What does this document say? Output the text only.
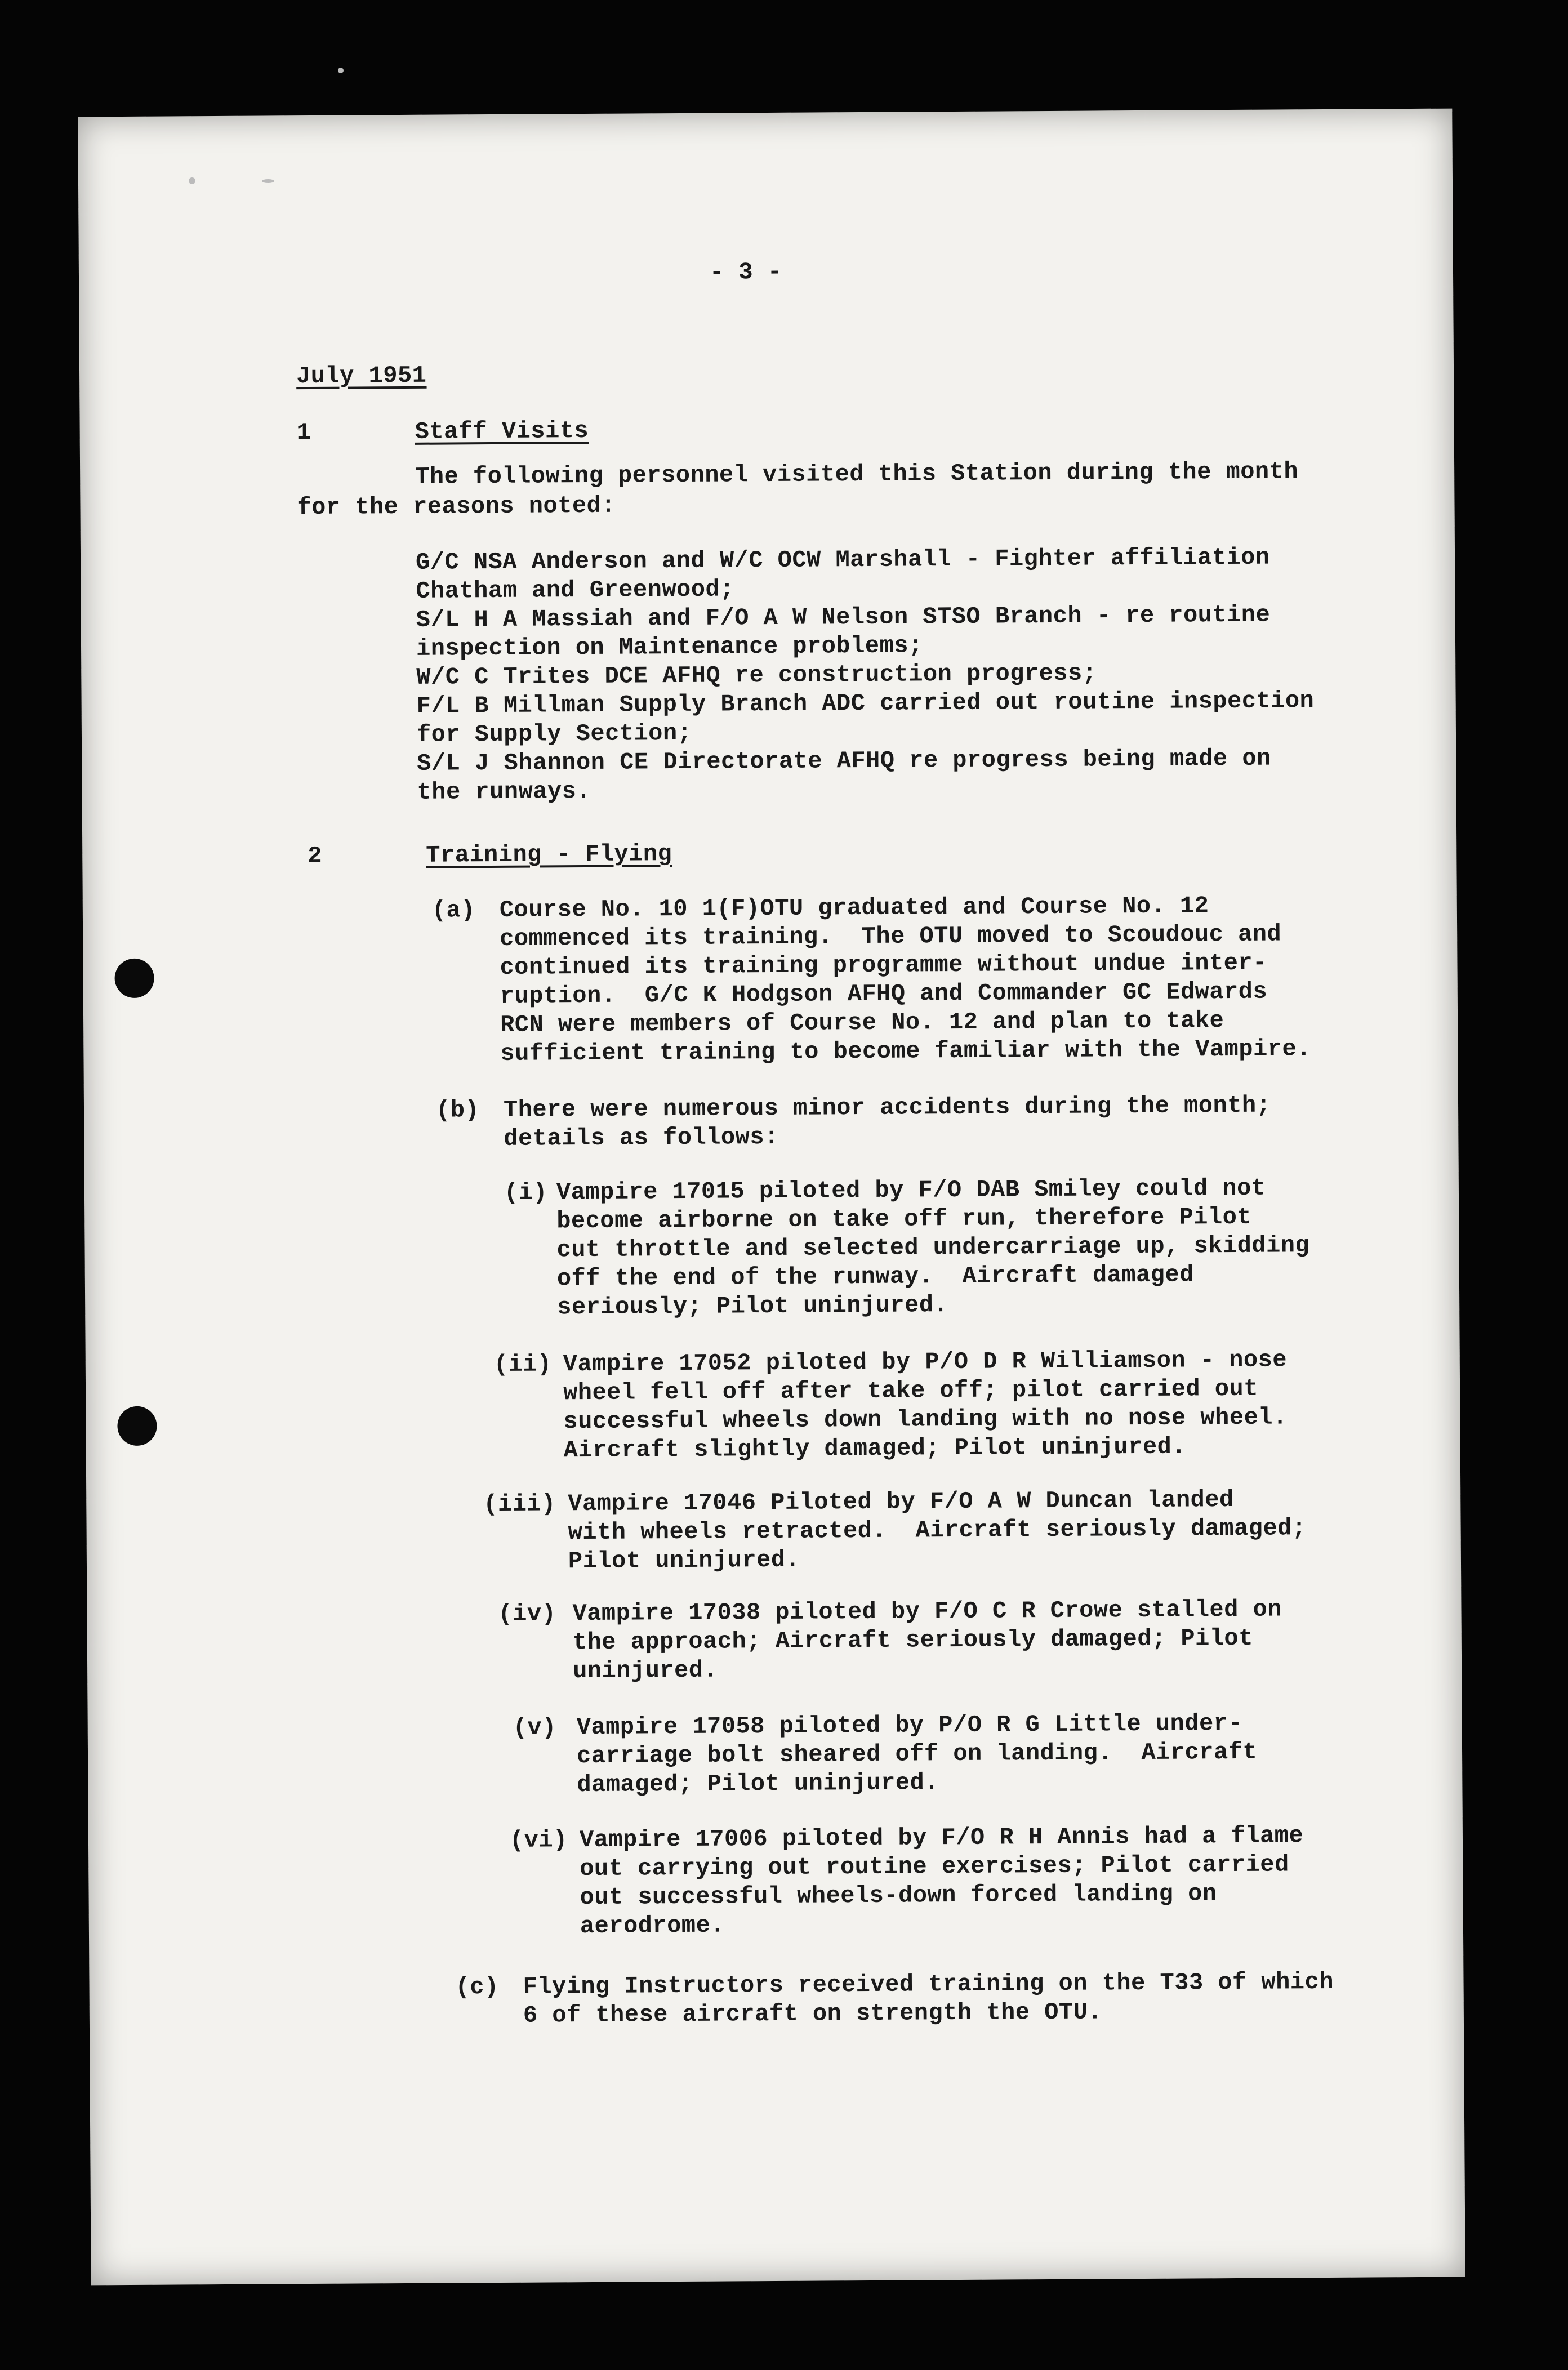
- 3 -
July 1951
1	Staff Visits
The following personnel visited this Station during the month
for the reasons noted:
G/C NSA Anderson and W/C OCW Marshall - Fighter affiliation
Chatham and Greenwood;
S/L H A Massiah and F/O A W Nelson STSO Branch - re routine
inspection on Maintenance problems;
W/C C Trites DCE AFHQ re construction progress;
F/L B Millman Supply Branch ADC carried out routine inspection
for Supply Section;
S/L J Shannon CE Directorate AFHQ re progress being made on
the runways.
2	Training - Flying
(a) Course No. 10 1(F)OTU graduated and Course No. 12
commenced its training.  The OTU moved to Scoudouc and
continued its training programme without undue inter-
ruption.  G/C K Hodgson AFHQ and Commander GC Edwards
RCN were members of Course No. 12 and plan to take
sufficient training to become familiar with the Vampire.
(b) There were numerous minor accidents during the month;
details as follows:
(i) Vampire 17015 piloted by F/O DAB Smiley could not
become airborne on take off run, therefore Pilot
cut throttle and selected undercarriage up, skidding
off the end of the runway.  Aircraft damaged
seriously; Pilot uninjured.
(ii) Vampire 17052 piloted by P/O D R Williamson - nose
wheel fell off after take off; pilot carried out
successful wheels down landing with no nose wheel.
Aircraft slightly damaged; Pilot uninjured.
(iii) Vampire 17046 Piloted by F/O A W Duncan landed
with wheels retracted.  Aircraft seriously damaged;
Pilot uninjured.
(iv) Vampire 17038 piloted by F/O C R Crowe stalled on
the approach; Aircraft seriously damaged; Pilot
uninjured.
(v) Vampire 17058 piloted by P/O R G Little under-
carriage bolt sheared off on landing.  Aircraft
damaged; Pilot uninjured.
(vi) Vampire 17006 piloted by F/O R H Annis had a flame
out carrying out routine exercises; Pilot carried
out successful wheels-down forced landing on
aerodrome.
(c) Flying Instructors received training on the T33 of which
6 of these aircraft on strength the OTU.
